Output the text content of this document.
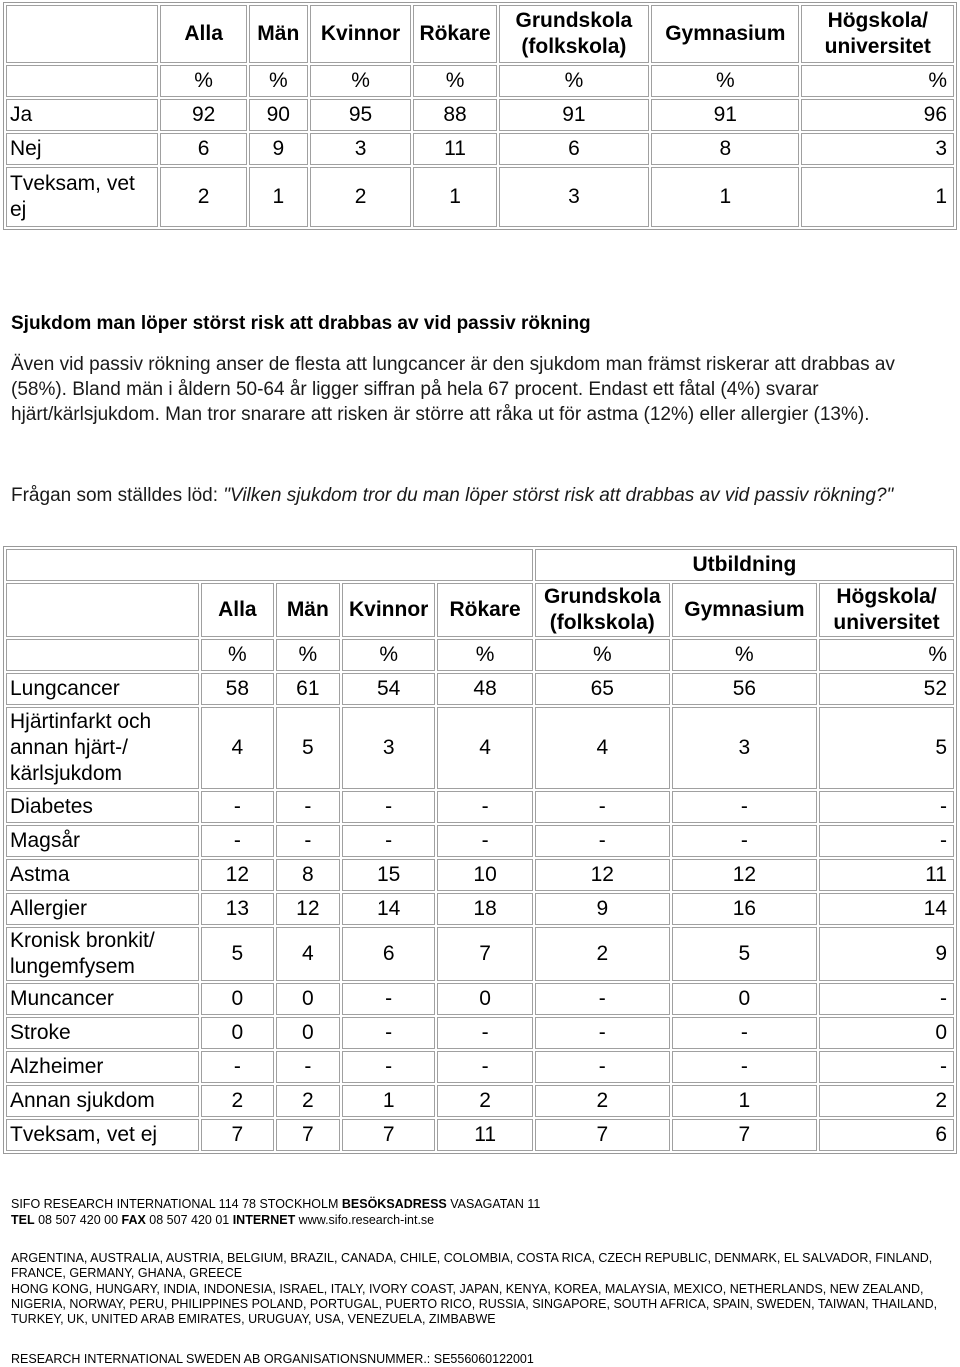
	Alla	Män	Kvinnor	Rökare	Grundskola (folkskola)	Gymnasium	Högskola/ universitet
	%	%	%	%	%	%	%
Ja	92	90	95	88	91	91	96
Nej	6	9	3	11	6	8	3
Tveksam, vet ej	2	1	2	1	3	1	1
Sjukdom man löper störst risk att drabbas av vid passiv rökning
Även vid passiv rökning anser de flesta att lungcancer är den sjukdom man främst riskerar att drabbas av (58%). Bland män i åldern 50-64 år ligger siffran på hela 67 procent. Endast ett fåtal (4%) svarar hjärt/kärlsjukdom. Man tror snarare att risken är större att råka ut för astma (12%) eller allergier (13%).
Frågan som ställdes löd: "Vilken sjukdom tror du man löper störst risk att drabbas av vid passiv rökning?"
					Utbildning		
	Alla	Män	Kvinnor	Rökare	Grundskola (folkskola)	Gymnasium	Högskola/ universitet
	%	%	%	%	%	%	%
Lungcancer	58	61	54	48	65	56	52
Hjärtinfarkt och annan hjärt-/ kärlsjukdom	4	5	3	4	4	3	5
Diabetes	-	-	-	-	-	-	-
Magsår	-	-	-	-	-	-	-
Astma	12	8	15	10	12	12	11
Allergier	13	12	14	18	9	16	14
Kronisk bronkit/ lungemfysem	5	4	6	7	2	5	9
Muncancer	0	0	-	0	-	0	-
Stroke	0	0	-	-	-	-	0
Alzheimer	-	-	-	-	-	-	-
Annan sjukdom	2	2	1	2	2	1	2
Tveksam, vet ej	7	7	7	11	7	7	6
SIFO RESEARCH INTERNATIONAL 114 78 STOCKHOLM BESÖKSADRESS VASAGATAN 11
TEL 08 507 420 00 FAX 08 507 420 01 INTERNET www.sifo.research-int.se
ARGENTINA, AUSTRALIA, AUSTRIA, BELGIUM, BRAZIL, CANADA, CHILE, COLOMBIA, COSTA RICA, CZECH REPUBLIC, DENMARK, EL SALVADOR, FINLAND, FRANCE, GERMANY, GHANA, GREECE
HONG KONG, HUNGARY, INDIA, INDONESIA, ISRAEL, ITALY, IVORY COAST, JAPAN, KENYA, KOREA, MALAYSIA, MEXICO, NETHERLANDS, NEW ZEALAND, NIGERIA, NORWAY, PERU, PHILIPPINES POLAND, PORTUGAL, PUERTO RICO, RUSSIA, SINGAPORE, SOUTH AFRICA, SPAIN, SWEDEN, TAIWAN, THAILAND, TURKEY, UK, UNITED ARAB EMIRATES, URUGUAY, USA, VENEZUELA, ZIMBABWE
RESEARCH INTERNATIONAL SWEDEN AB ORGANISATIONSNUMMER.: SE556060122001
